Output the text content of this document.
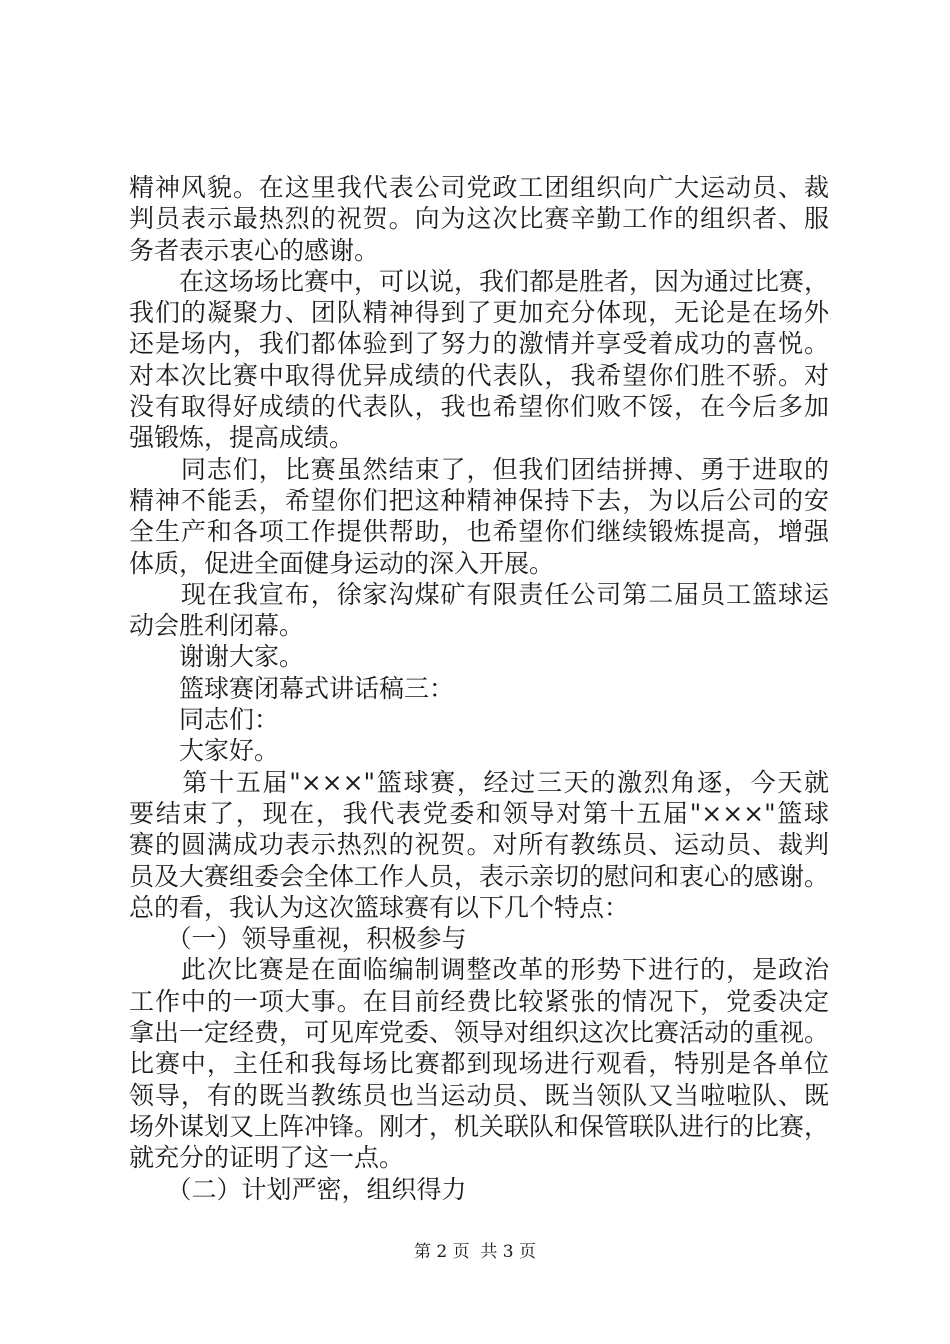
精神风貌。在这里我代表公司党政工团组织向广大运动员、裁
判员表示最热烈的祝贺。向为这次比赛辛勤工作的组织者、服
务者表示衷心的感谢。
　　在这场场比赛中，可以说，我们都是胜者，因为通过比赛，
我们的凝聚力、团队精神得到了更加充分体现，无论是在场外
还是场内，我们都体验到了努力的激情并享受着成功的喜悦。
对本次比赛中取得优异成绩的代表队，我希望你们胜不骄。对
没有取得好成绩的代表队，我也希望你们败不馁，在今后多加
强锻炼，提高成绩。
　　同志们，比赛虽然结束了，但我们团结拼搏、勇于进取的
精神不能丢，希望你们把这种精神保持下去，为以后公司的安
全生产和各项工作提供帮助，也希望你们继续锻炼提高，增强
体质，促进全面健身运动的深入开展。
　　现在我宣布，徐家沟煤矿有限责任公司第二届员工篮球运
动会胜利闭幕。
　　谢谢大家。
　　篮球赛闭幕式讲话稿三：
　　同志们：
　　大家好。
　　第十五届"×××"篮球赛，经过三天的激烈角逐，今天就
要结束了，现在，我代表党委和领导对第十五届"×××"篮球
赛的圆满成功表示热烈的祝贺。对所有教练员、运动员、裁判
员及大赛组委会全体工作人员，表示亲切的慰问和衷心的感谢。
总的看，我认为这次篮球赛有以下几个特点：
　　（一）领导重视，积极参与
　　此次比赛是在面临编制调整改革的形势下进行的，是政治
工作中的一项大事。在目前经费比较紧张的情况下，党委决定
拿出一定经费，可见库党委、领导对组织这次比赛活动的重视。
比赛中，主任和我每场比赛都到现场进行观看，特别是各单位
领导，有的既当教练员也当运动员、既当领队又当啦啦队、既
场外谋划又上阵冲锋。刚才，机关联队和保管联队进行的比赛，
就充分的证明了这一点。
　　（二）计划严密，组织得力
第 2 页  共 3 页
